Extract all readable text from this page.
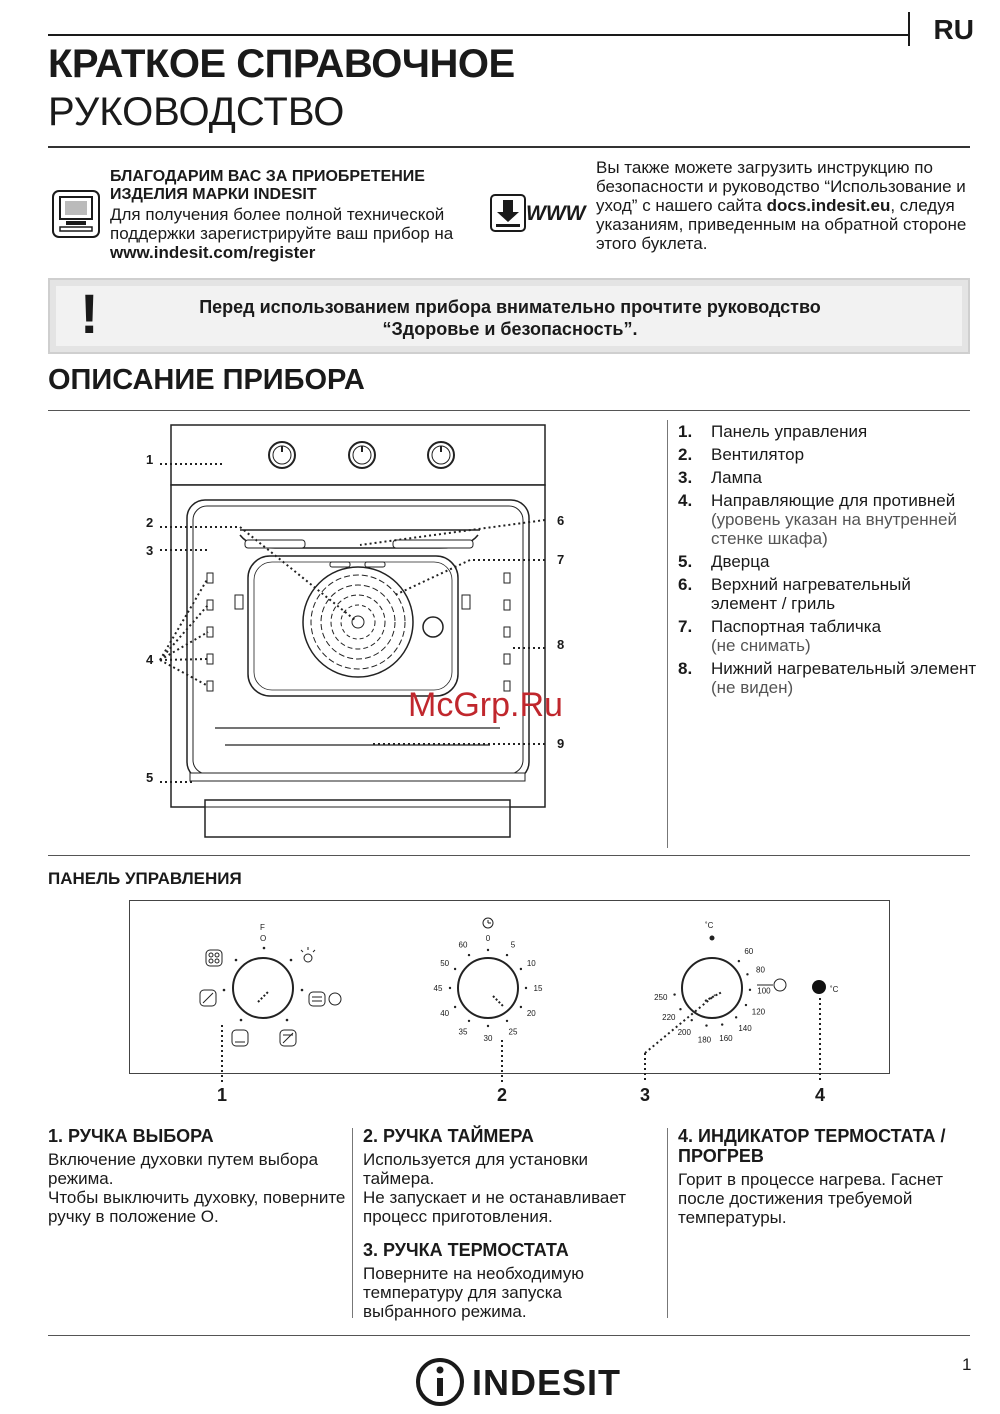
RU
КРАТКОЕ СПРАВОЧНОЕ
РУКОВОДСТВО
БЛАГОДАРИМ ВАС ЗА ПРИОБРЕТЕНИЕ ИЗДЕЛИЯ МАРКИ INDESIT
Для получения более полной технической поддержки зарегистрируйте ваш прибор на www.indesit.com/register
WWW
Вы также можете загрузить инструкцию по безопасности и руководство “Использование и уход” с нашего сайта docs.indesit.eu, следуя указаниям, приведенным на обратной стороне этого буклета.
!	Перед использованием прибора внимательно прочтите руководство “Здоровье и безопасность”.
ОПИСАНИЕ ПРИБОРА
1
2
3
4
5
6
7
8
9
McGrp.Ru
1.	Панель управления
2.	Вентилятор
3.	Лампа
4.	Направляющие для противней
(уровень указан на внутренней стенке шкафа)
5.	Дверца
6.	Верхний нагревательный элемент / гриль
7.	Паспортная табличка
(не снимать)
8.	Нижний нагревательный элемент
(не виден)
ПАНЕЛЬ УПРАВЛЕНИЯ
F
O	0
5
10
15
20
25
30
35
40
45
50
60
˚C
60
80
100
120
140
160
180
200
220
250
˚C
1	2	3	4
1. РУЧКА ВЫБОРА
Включение духовки путем выбора режима.
Чтобы выключить духовку, поверните ручку в положение О.
2. РУЧКА ТАЙМЕРА
Используется для установки таймера.
Не запускает и не останавливает процесс приготовления.
3. РУЧКА ТЕРМОСТАТА
Поверните на необходимую температуру для запуска выбранного режима.
4. ИНДИКАТОР ТЕРМОСТАТА / ПРОГРЕВ
Горит в процессе нагрева. Гаснет после достижения требуемой температуры.
INDESIT	1
